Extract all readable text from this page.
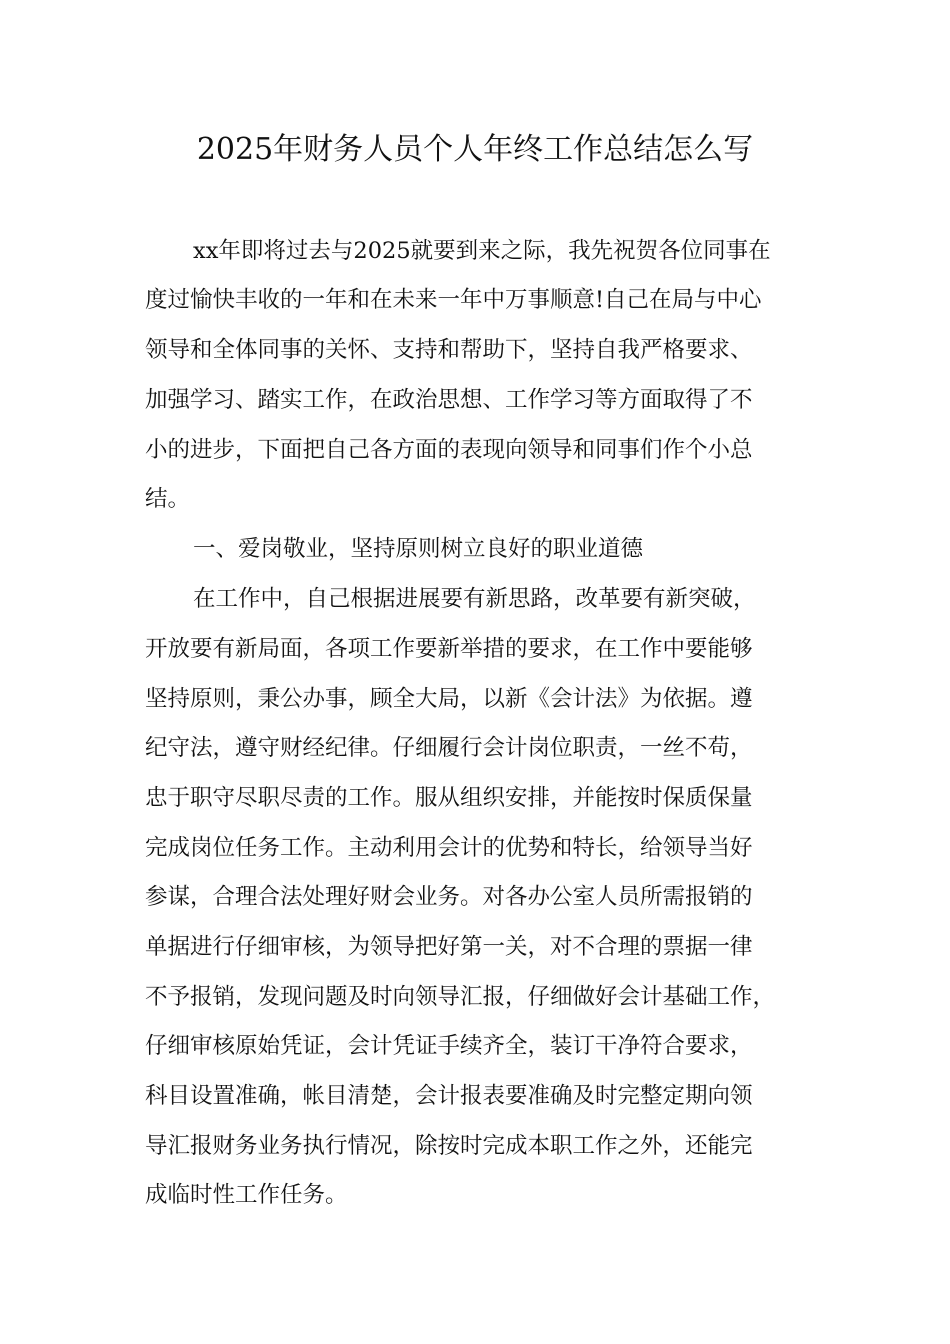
2025年财务人员个人年终工作总结怎么写
xx年即将过去与2025就要到来之际，我先祝贺各位同事在
度过愉快丰收的一年和在未来一年中万事顺意!自己在局与中心
领导和全体同事的关怀、支持和帮助下，坚持自我严格要求、
加强学习、踏实工作，在政治思想、工作学习等方面取得了不
小的进步，下面把自己各方面的表现向领导和同事们作个小总
结。
一、爱岗敬业，坚持原则树立良好的职业道德
在工作中，自己根据进展要有新思路，改革要有新突破，
开放要有新局面，各项工作要新举措的要求，在工作中要能够
坚持原则，秉公办事，顾全大局，以新《会计法》为依据。遵
纪守法，遵守财经纪律。仔细履行会计岗位职责，一丝不苟，
忠于职守尽职尽责的工作。服从组织安排，并能按时保质保量
完成岗位任务工作。主动利用会计的优势和特长，给领导当好
参谋，合理合法处理好财会业务。对各办公室人员所需报销的
单据进行仔细审核，为领导把好第一关，对不合理的票据一律
不予报销，发现问题及时向领导汇报，仔细做好会计基础工作，
仔细审核原始凭证，会计凭证手续齐全，装订干净符合要求，
科目设置准确，帐目清楚，会计报表要准确及时完整定期向领
导汇报财务业务执行情况，除按时完成本职工作之外，还能完
成临时性工作任务。
